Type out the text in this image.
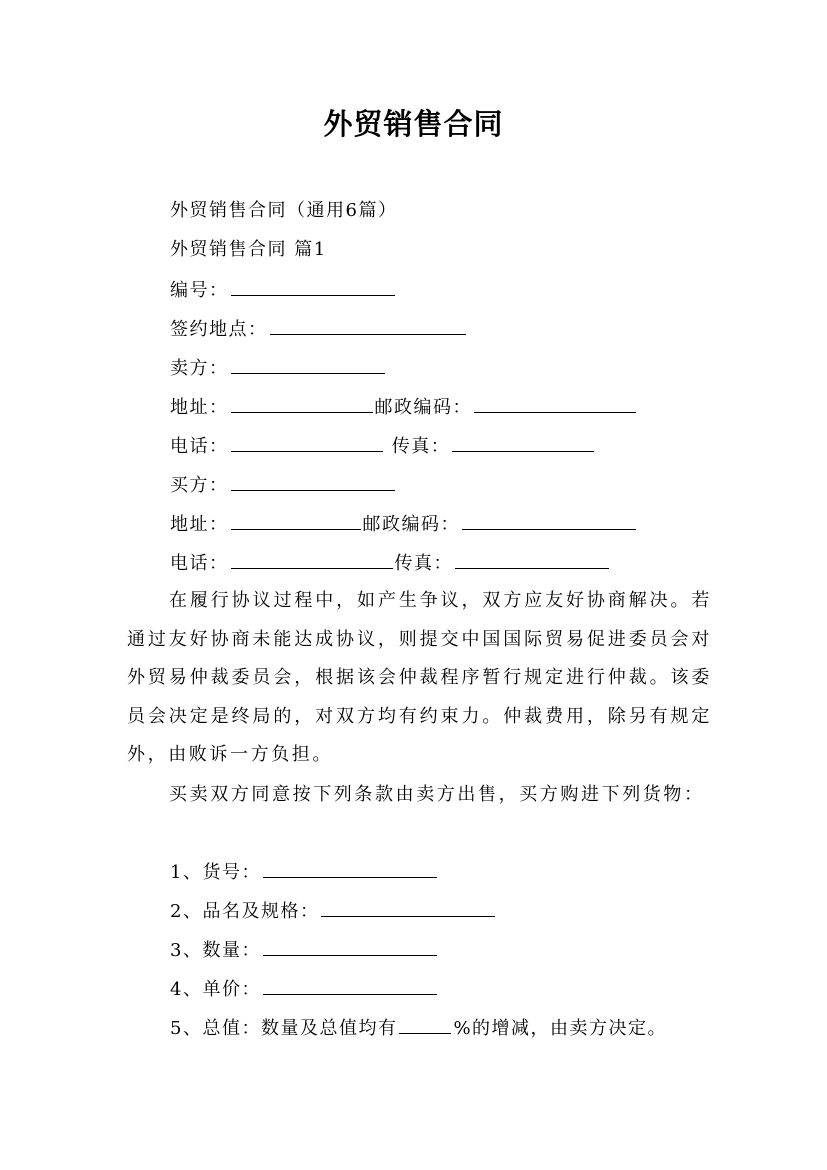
外贸销售合同
外贸销售合同（通用6篇）
外贸销售合同 篇1
编号：
签约地点：
卖方：
地址：	邮政编码：
电话：	传真：
买方：
地址：	邮政编码：
电话：	传真：
在履行协议过程中，如产生争议，双方应友好协商解决。若通过友好协商未能达成协议，则提交中国国际贸易促进委员会对外贸易仲裁委员会，根据该会仲裁程序暂行规定进行仲裁。该委员会决定是终局的，对双方均有约束力。仲裁费用，除另有规定外，由败诉一方负担。
买卖双方同意按下列条款由卖方出售，买方购进下列货物：
1、货号：
2、品名及规格：
3、数量：
4、单价：
5、总值：数量及总值均有	%的增减，由卖方决定。
